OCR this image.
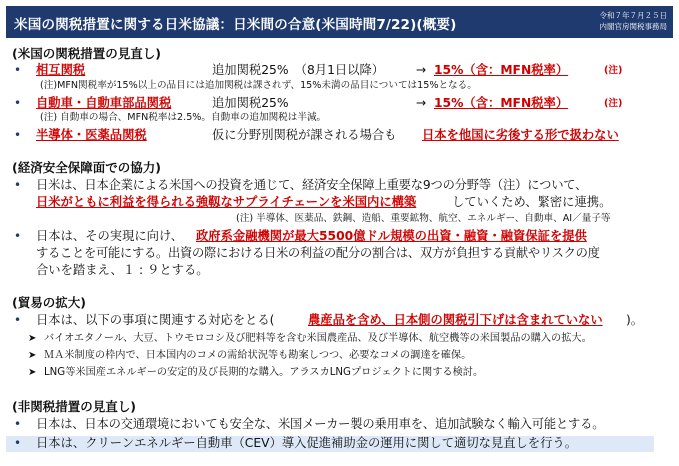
米国の関税措置に関する日米協議：日米間の合意(米国時間7/22)(概要)
令和７年７月２５日
内閣官房関税事務局
(米国の関税措置の見直し)
• 相互関税	追加関税25%　（8月1日以降）	→ 15%（含：MFN税率）	(注)
(注)MFN関税率が15%以上の品目には追加関税は課されず、15%未満の品目については15%となる。
• 自動車・自動車部品関税	追加関税25%	→ 15%（含：MFN税率）	(注)
(注) 自動車の場合、MFN税率は2.5%。自動車の追加関税は半減。
• 半導体・医薬品関税	仮に分野別関税が課される場合も 日本を他国に劣後する形で扱わない
(経済安全保障面での協力)
• 日米は、日本企業による米国への投資を通じて、経済安全保障上重要な9つの分野等（注）について、
日米がともに利益を得られる強靱なサプライチェーンを米国内に構築	していくため、緊密に連携。
(注) 半導体、医薬品、鉄鋼、造船、重要鉱物、航空、エネルギー、自動車、AI／量子等
• 日本は、その実現に向け、 政府系金融機関が最大5500億ドル規模の出資・融資・融資保証を提供
することを可能にする。出資の際における日米の利益の配分の割合は、双方が負担する貢献やリスクの度
合いを踏まえ、１ : ９とする。
(貿易の拡大)
• 日本は、以下の事項に関連する対応をとる(	農産品を含め、日本側の関税引下げは含まれていない )。
➤ バイオエタノール、大豆、トウモロコシ及び肥料等を含む米国農産品、及び半導体、航空機等の米国製品の購入の拡大。
➤ ＭＡ米制度の枠内で、日本国内のコメの需給状況等も勘案しつつ、必要なコメの調達を確保。
➤ LNG等米国産エネルギーの安定的及び長期的な購入。アラスカLNGプロジェクトに関する検討。
(非関税措置の見直し)
• 日本は、日本の交通環境においても安全な、米国メーカー製の乗用車を、追加試験なく輸入可能とする。
• 日本は、クリーンエネルギー自動車（CEV）導入促進補助金の運用に関して適切な見直しを行う。
